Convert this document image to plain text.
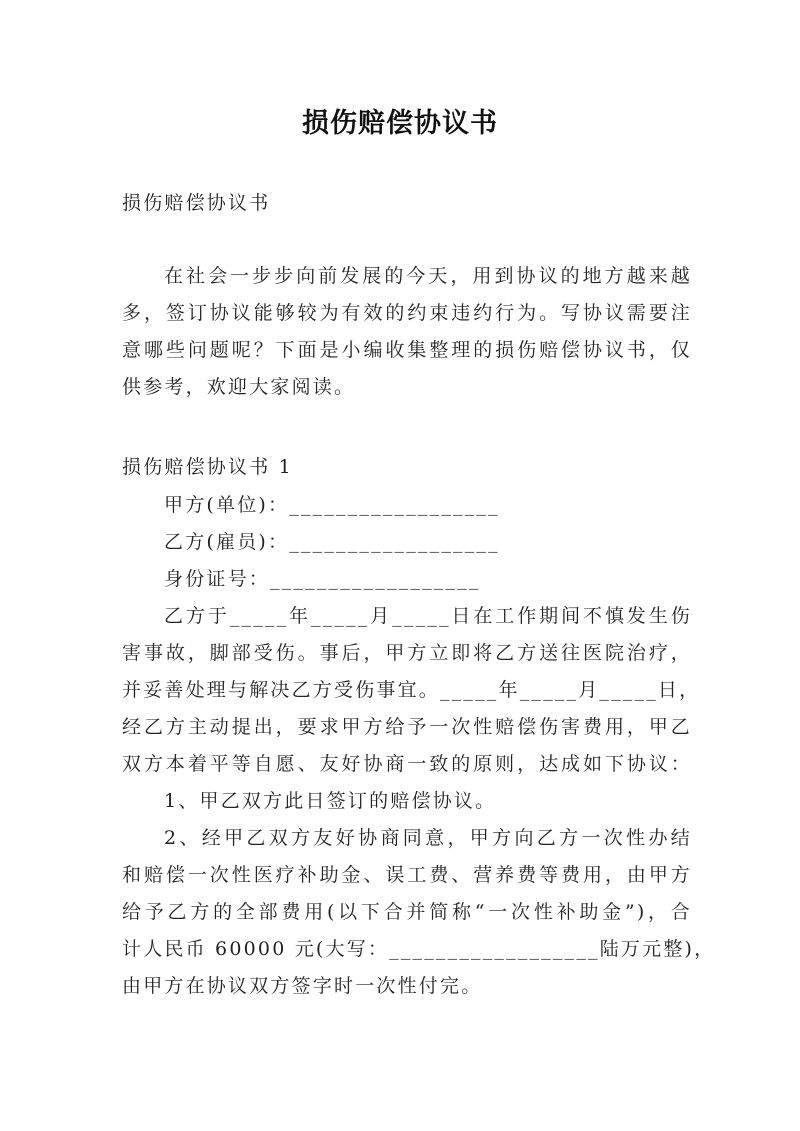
损伤赔偿协议书
损伤赔偿协议书
在社会一步步向前发展的今天，用到协议的地方越来越
多，签订协议能够较为有效的约束违约行为。写协议需要注
意哪些问题呢？下面是小编收集整理的损伤赔偿协议书，仅
供参考，欢迎大家阅读。
损伤赔偿协议书 1
甲方(单位)：__________________
乙方(雇员)：__________________
身份证号：__________________
乙方于_____年_____月_____日在工作期间不慎发生伤
害事故，脚部受伤。事后，甲方立即将乙方送往医院治疗，
并妥善处理与解决乙方受伤事宜。_____年_____月_____日，
经乙方主动提出，要求甲方给予一次性赔偿伤害费用，甲乙
双方本着平等自愿、友好协商一致的原则，达成如下协议：
1、甲乙双方此日签订的赔偿协议。
2、经甲乙双方友好协商同意，甲方向乙方一次性办结
和赔偿一次性医疗补助金、误工费、营养费等费用，由甲方
给予乙方的全部费用(以下合并简称“一次性补助金”)，合
计人民币 60000 元(大写：__________________陆万元整)，
由甲方在协议双方签字时一次性付完。
